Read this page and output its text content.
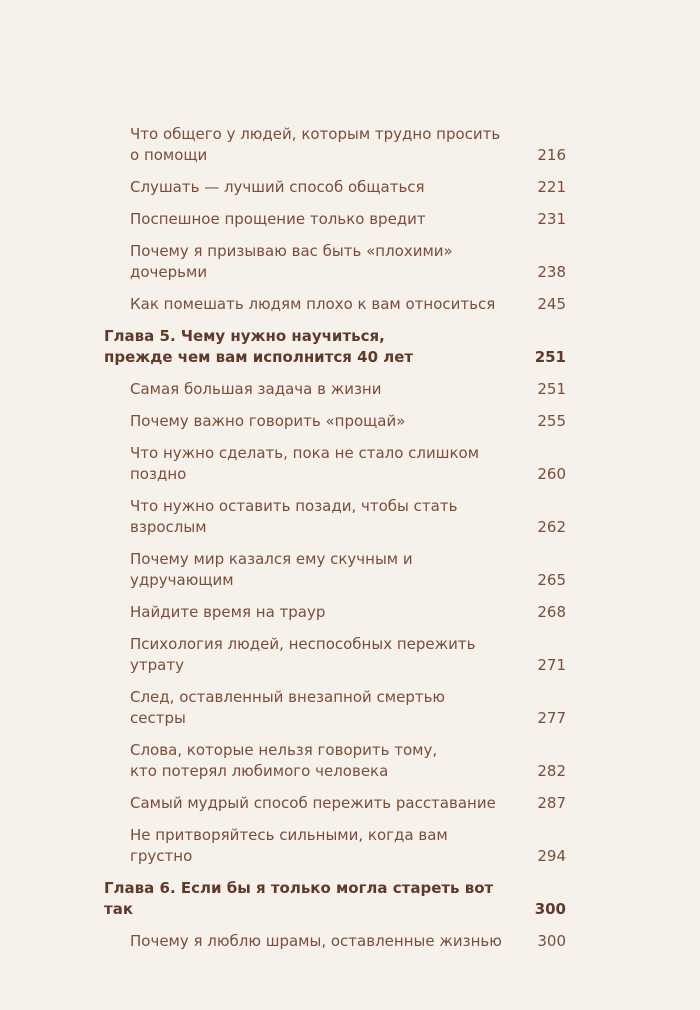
Что общего у людей, которым трудно просить
о помощи	216
Слушать — лучший способ общаться	221
Поспешное прощение только вредит	231
Почему я призываю вас быть «плохими»
дочерьми	238
Как помешать людям плохо к вам относиться	245
Глава 5. Чему нужно научиться,
прежде чем вам исполнится 40 лет	251
Самая большая задача в жизни	251
Почему важно говорить «прощай»	255
Что нужно сделать, пока не стало слишком
поздно	260
Что нужно оставить позади, чтобы стать
взрослым	262
Почему мир казался ему скучным и удручающим	265
Найдите время на траур	268
Психология людей, неспособных пережить
утрату	271
След, оставленный внезапной смертью
сестры	277
Слова, которые нельзя говорить тому,
кто потерял любимого человека	282
Самый мудрый способ пережить расставание	287
Не притворяйтесь сильными, когда вам грустно	294
Глава 6. Если бы я только могла стареть вот так	300
Почему я люблю шрамы, оставленные жизнью	300
